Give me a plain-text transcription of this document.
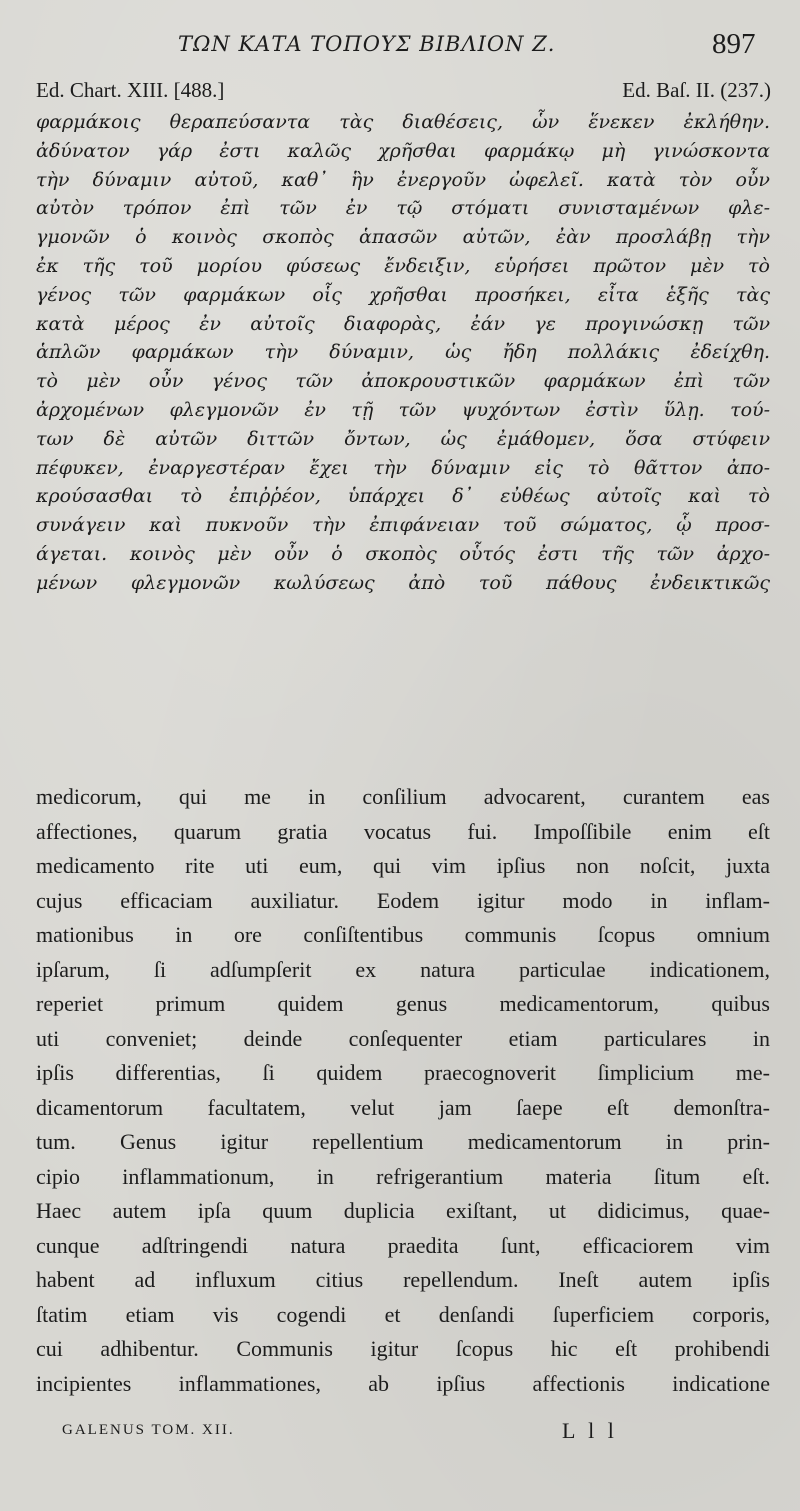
ΤΩΝ ΚΑΤΑ ΤΟΠΟΥΣ ΒΙΒΛΙΟΝ Ζ.	897
Ed. Chart. XIII. [488.]	Ed. Baſ. II. (237.)
φαρμάκοις θεραπεύσαντα τὰς διαθέσεις, ὧν ἕνεκεν ἐκλήθην.
ἀδύνατον γάρ ἐστι καλῶς χρῆσθαι φαρμάκῳ μὴ γινώσκοντα
τὴν δύναμιν αὐτοῦ, καθ᾽ ἣν ἐνεργοῦν ὠφελεῖ. κατὰ τὸν οὖν
αὐτὸν τρόπον ἐπὶ τῶν ἐν τῷ στόματι συνισταμένων φλε-
γμονῶν ὁ κοινὸς σκοπὸς ἁπασῶν αὐτῶν, ἐὰν προσλάβῃ τὴν
ἐκ τῆς τοῦ μορίου φύσεως ἔνδειξιν, εὑρήσει πρῶτον μὲν τὸ
γένος τῶν φαρμάκων οἷς χρῆσθαι προσήκει, εἶτα ἑξῆς τὰς
κατὰ μέρος ἐν αὐτοῖς διαφορὰς, ἐάν γε προγινώσκῃ τῶν
ἁπλῶν φαρμάκων τὴν δύναμιν, ὡς ἤδη πολλάκις ἐδείχθη.
τὸ μὲν οὖν γένος τῶν ἀποκρουστικῶν φαρμάκων ἐπὶ τῶν
ἀρχομένων φλεγμονῶν ἐν τῇ τῶν ψυχόντων ἐστὶν ὕλῃ. τού-
των δὲ αὐτῶν διττῶν ὄντων, ὡς ἐμάθομεν, ὅσα στύφειν
πέφυκεν, ἐναργεστέραν ἔχει τὴν δύναμιν εἰς τὸ θᾶττον ἀπο-
κρούσασθαι τὸ ἐπιῤῥέον, ὑπάρχει δ᾽ εὐθέως αὐτοῖς καὶ τὸ
συνάγειν καὶ πυκνοῦν τὴν ἐπιφάνειαν τοῦ σώματος, ᾧ προσ-
άγεται. κοινὸς μὲν οὖν ὁ σκοπὸς οὗτός ἐστι τῆς τῶν ἀρχο-
μένων φλεγμονῶν κωλύσεως ἀπὸ τοῦ πάθους ἐνδεικτικῶς
medicorum, qui me in conſilium advocarent, curantem eas
affectiones, quarum gratia vocatus fui. Impoſſibile enim eſt
medicamento rite uti eum, qui vim ipſius non noſcit, juxta
cujus efficaciam auxiliatur. Eodem igitur modo in inflam-
mationibus in ore conſiſtentibus communis ſcopus omnium
ipſarum, ſi adſumpſerit ex natura particulae indicationem,
reperiet primum quidem genus medicamentorum, quibus
uti conveniet; deinde conſequenter etiam particulares in
ipſis differentias, ſi quidem praecognoverit ſimplicium me-
dicamentorum facultatem, velut jam ſaepe eſt demonſtra-
tum. Genus igitur repellentium medicamentorum in prin-
cipio inflammationum, in refrigerantium materia ſitum eſt.
Haec autem ipſa quum duplicia exiſtant, ut didicimus, quae-
cunque adſtringendi natura praedita ſunt, efficaciorem vim
habent ad influxum citius repellendum. Ineſt autem ipſis
ſtatim etiam vis cogendi et denſandi ſuperficiem corporis,
cui adhibentur. Communis igitur ſcopus hic eſt prohibendi
incipientes inflammationes, ab ipſius affectionis indicatione
GALENUS TOM. XII.	L l l
